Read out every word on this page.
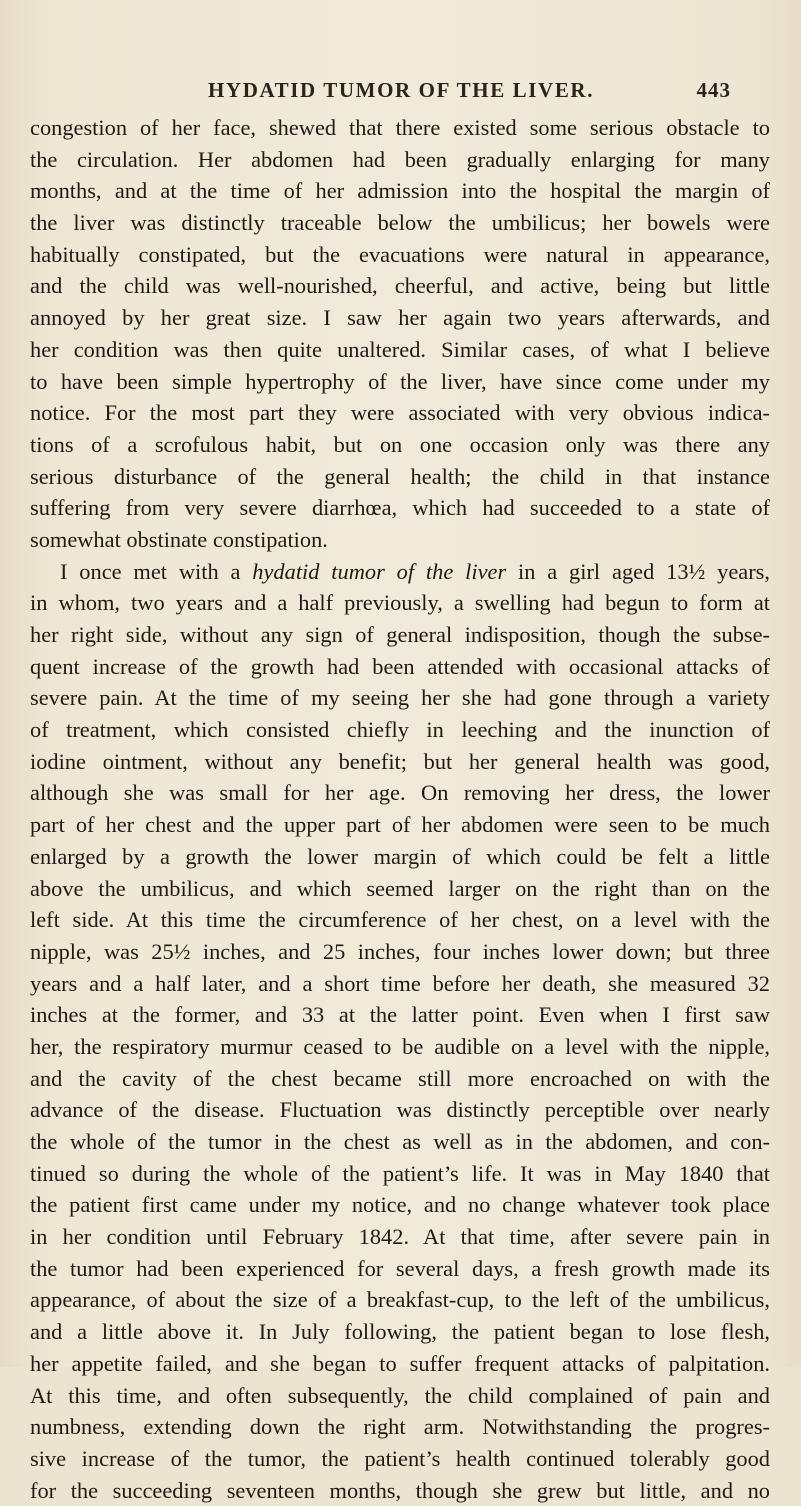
HYDATID TUMOR OF THE LIVER.	443
congestion of her face, shewed that there existed some serious obstacle to
the circulation. Her abdomen had been gradually enlarging for many
months, and at the time of her admission into the hospital the margin of
the liver was distinctly traceable below the umbilicus; her bowels were
habitually constipated, but the evacuations were natural in appearance,
and the child was well-nourished, cheerful, and active, being but little
annoyed by her great size. I saw her again two years afterwards, and
her condition was then quite unaltered. Similar cases, of what I believe
to have been simple hypertrophy of the liver, have since come under my
notice. For the most part they were associated with very obvious indica-
tions of a scrofulous habit, but on one occasion only was there any
serious disturbance of the general health; the child in that instance
suffering from very severe diarrhœa, which had succeeded to a state of
somewhat obstinate constipation.
I once met with a hydatid tumor of the liver in a girl aged 13½ years,
in whom, two years and a half previously, a swelling had begun to form at
her right side, without any sign of general indisposition, though the subse-
quent increase of the growth had been attended with occasional attacks of
severe pain. At the time of my seeing her she had gone through a variety
of treatment, which consisted chiefly in leeching and the inunction of
iodine ointment, without any benefit; but her general health was good,
although she was small for her age. On removing her dress, the lower
part of her chest and the upper part of her abdomen were seen to be much
enlarged by a growth the lower margin of which could be felt a little
above the umbilicus, and which seemed larger on the right than on the
left side. At this time the circumference of her chest, on a level with the
nipple, was 25½ inches, and 25 inches, four inches lower down; but three
years and a half later, and a short time before her death, she measured 32
inches at the former, and 33 at the latter point. Even when I first saw
her, the respiratory murmur ceased to be audible on a level with the nipple,
and the cavity of the chest became still more encroached on with the
advance of the disease. Fluctuation was distinctly perceptible over nearly
the whole of the tumor in the chest as well as in the abdomen, and con-
tinued so during the whole of the patient’s life. It was in May 1840 that
the patient first came under my notice, and no change whatever took place
in her condition until February 1842. At that time, after severe pain in
the tumor had been experienced for several days, a fresh growth made its
appearance, of about the size of a breakfast-cup, to the left of the umbilicus,
and a little above it. In July following, the patient began to lose flesh,
her appetite failed, and she began to suffer frequent attacks of palpitation.
At this time, and often subsequently, the child complained of pain and
numbness, extending down the right arm. Notwithstanding the progres-
sive increase of the tumor, the patient’s health continued tolerably good
for the succeeding seventeen months, though she grew but little, and no
